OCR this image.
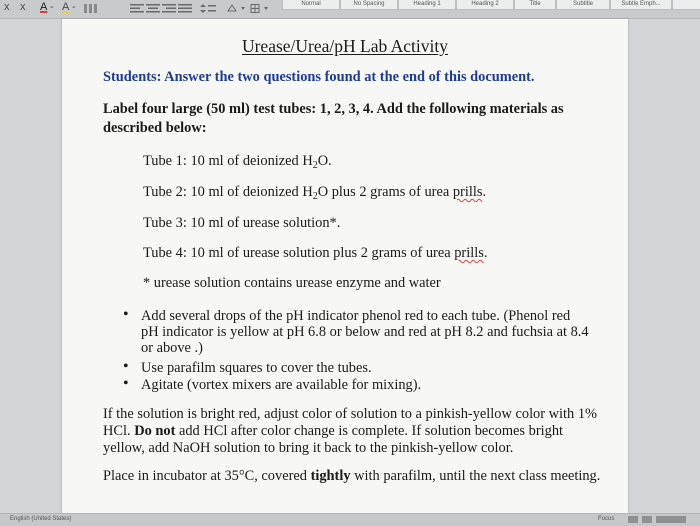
x x A - A -	Normal	No Spacing	Heading 1	Heading 2	Title	Subtitle	Subtle Emph...

Urease/Urea/pH Lab Activity

Students: Answer the two questions found at the end of this document.

Label four large (50 ml) test tubes: 1, 2, 3, 4. Add the following materials as described below:

Tube 1: 10 ml of deionized $H_2O$.

Tube 2: 10 ml of deionized $H_2O$ plus 2 grams of urea prills.

Tube 3: 10 ml of urease solution*.

Tube 4: 10 ml of urease solution plus 2 grams of urea prills.

* urease solution contains urease enzyme and water

• Add several drops of the pH indicator phenol red to each tube. (Phenol red pH indicator is yellow at pH 6.8 or below and red at pH 8.2 and fuchsia at 8.4 or above .)

• Use parafilm squares to cover the tubes.

• Agitate (vortex mixers are available for mixing).

If the solution is bright red, adjust color of solution to a pinkish-yellow color with 1% HCl. Do not add HCl after color change is complete. If solution becomes bright yellow, add NaOH solution to bring it back to the pinkish-yellow color.

Place in incubator at 35°C, covered tightly with parafilm, until the next class meeting.

English (United States)	Focus
